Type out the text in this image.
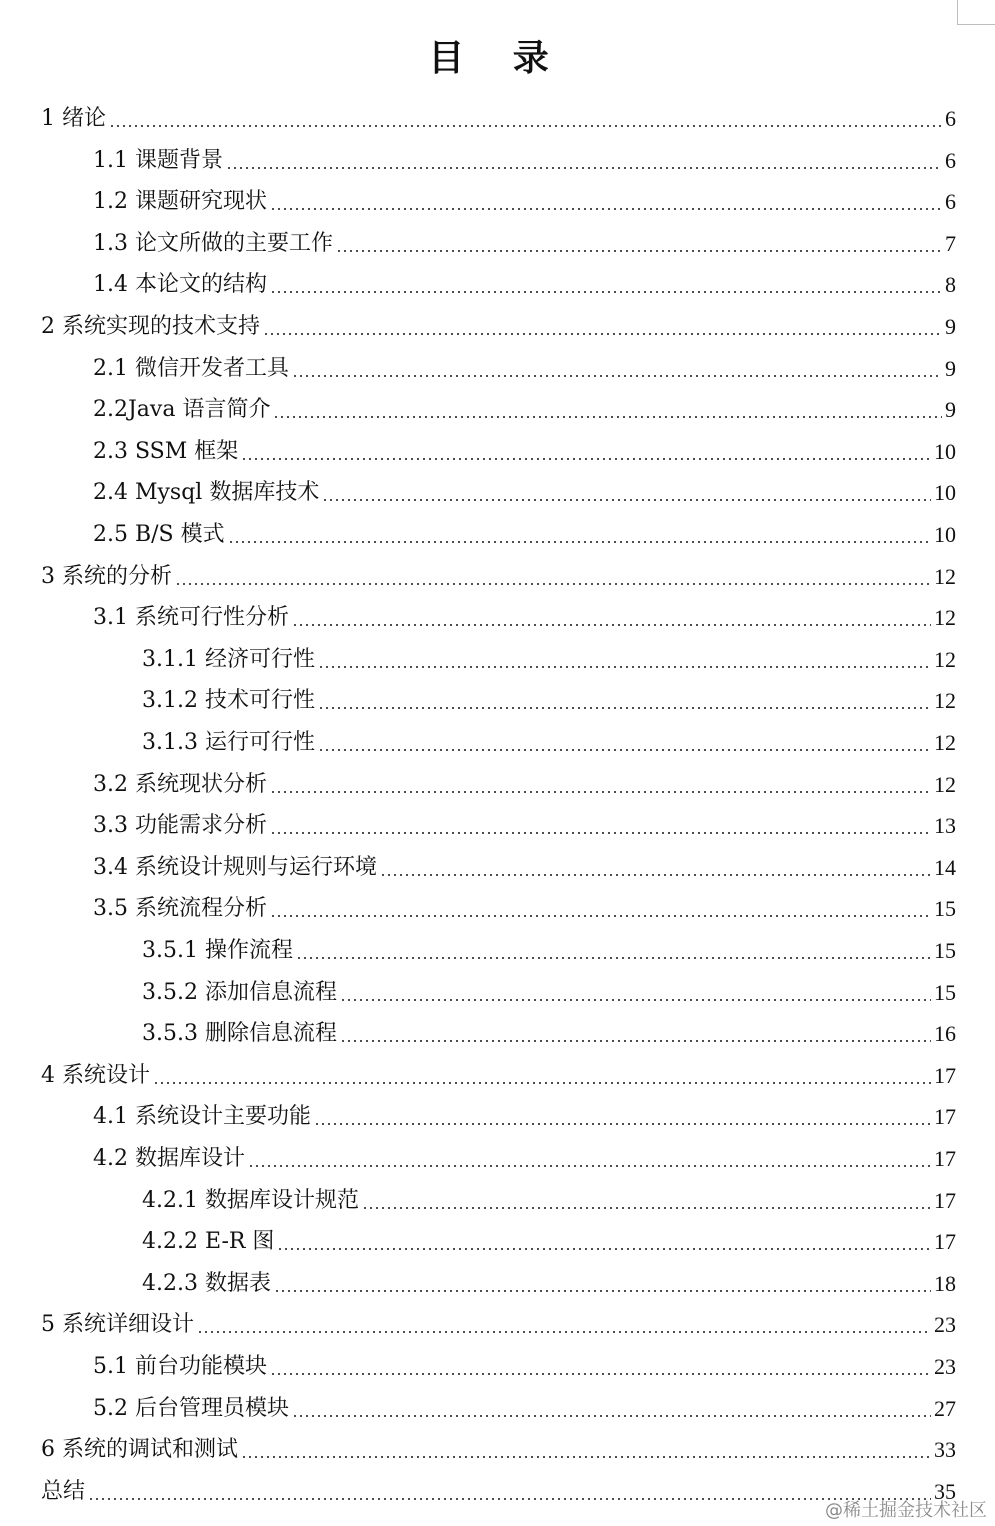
目 录
1 绪论	6
1.1 课题背景	6
1.2 课题研究现状	6
1.3 论文所做的主要工作	7
1.4 本论文的结构	8
2 系统实现的技术支持	9
2.1 微信开发者工具	9
2.2Java 语言简介	9
2.3 SSM 框架	10
2.4 Mysql 数据库技术	10
2.5 B/S 模式	10
3 系统的分析	12
3.1 系统可行性分析	12
3.1.1 经济可行性	12
3.1.2 技术可行性	12
3.1.3 运行可行性	12
3.2 系统现状分析	12
3.3 功能需求分析	13
3.4 系统设计规则与运行环境	14
3.5 系统流程分析	15
3.5.1 操作流程	15
3.5.2 添加信息流程	15
3.5.3 删除信息流程	16
4 系统设计	17
4.1 系统设计主要功能	17
4.2 数据库设计	17
4.2.1 数据库设计规范	17
4.2.2 E-R 图	17
4.2.3 数据表	18
5 系统详细设计	23
5.1 前台功能模块	23
5.2 后台管理员模块	27
6 系统的调试和测试	33
总结	35
@稀土掘金技术社区
